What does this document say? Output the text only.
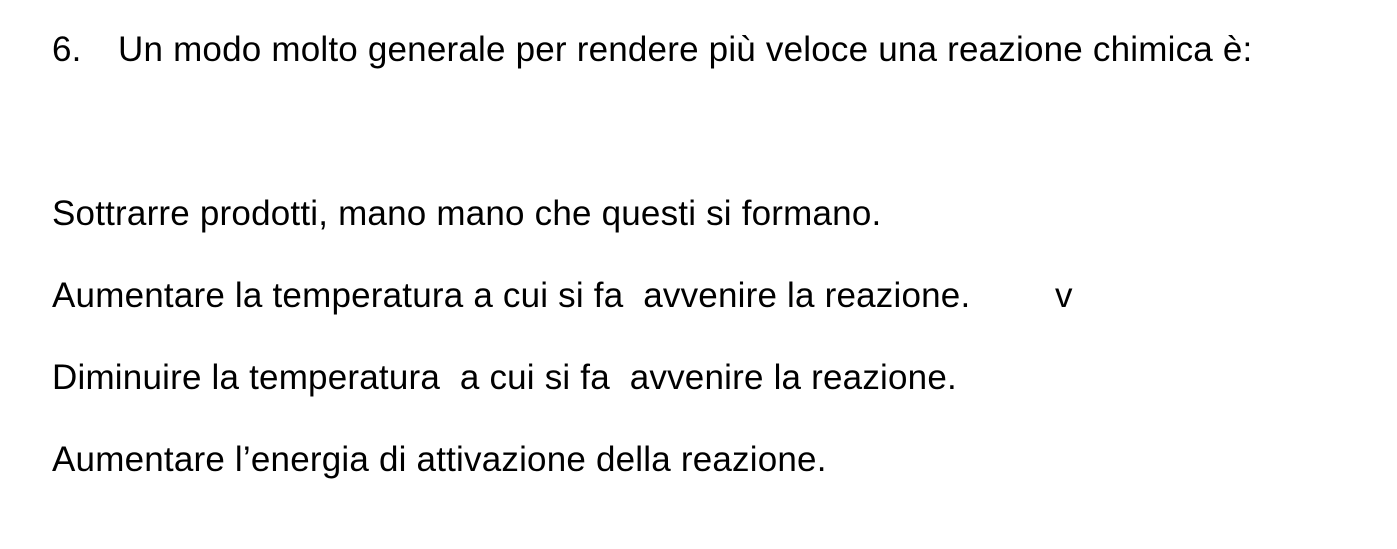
6. Un modo molto generale per rendere più veloce una reazione chimica è:
Sottrarre prodotti, mano mano che questi si formano.
Aumentare la temperatura a cui si fa  avvenire la reazione.
Diminuire la temperatura  a cui si fa  avvenire la reazione.
Aumentare l’energia di attivazione della reazione.
v
